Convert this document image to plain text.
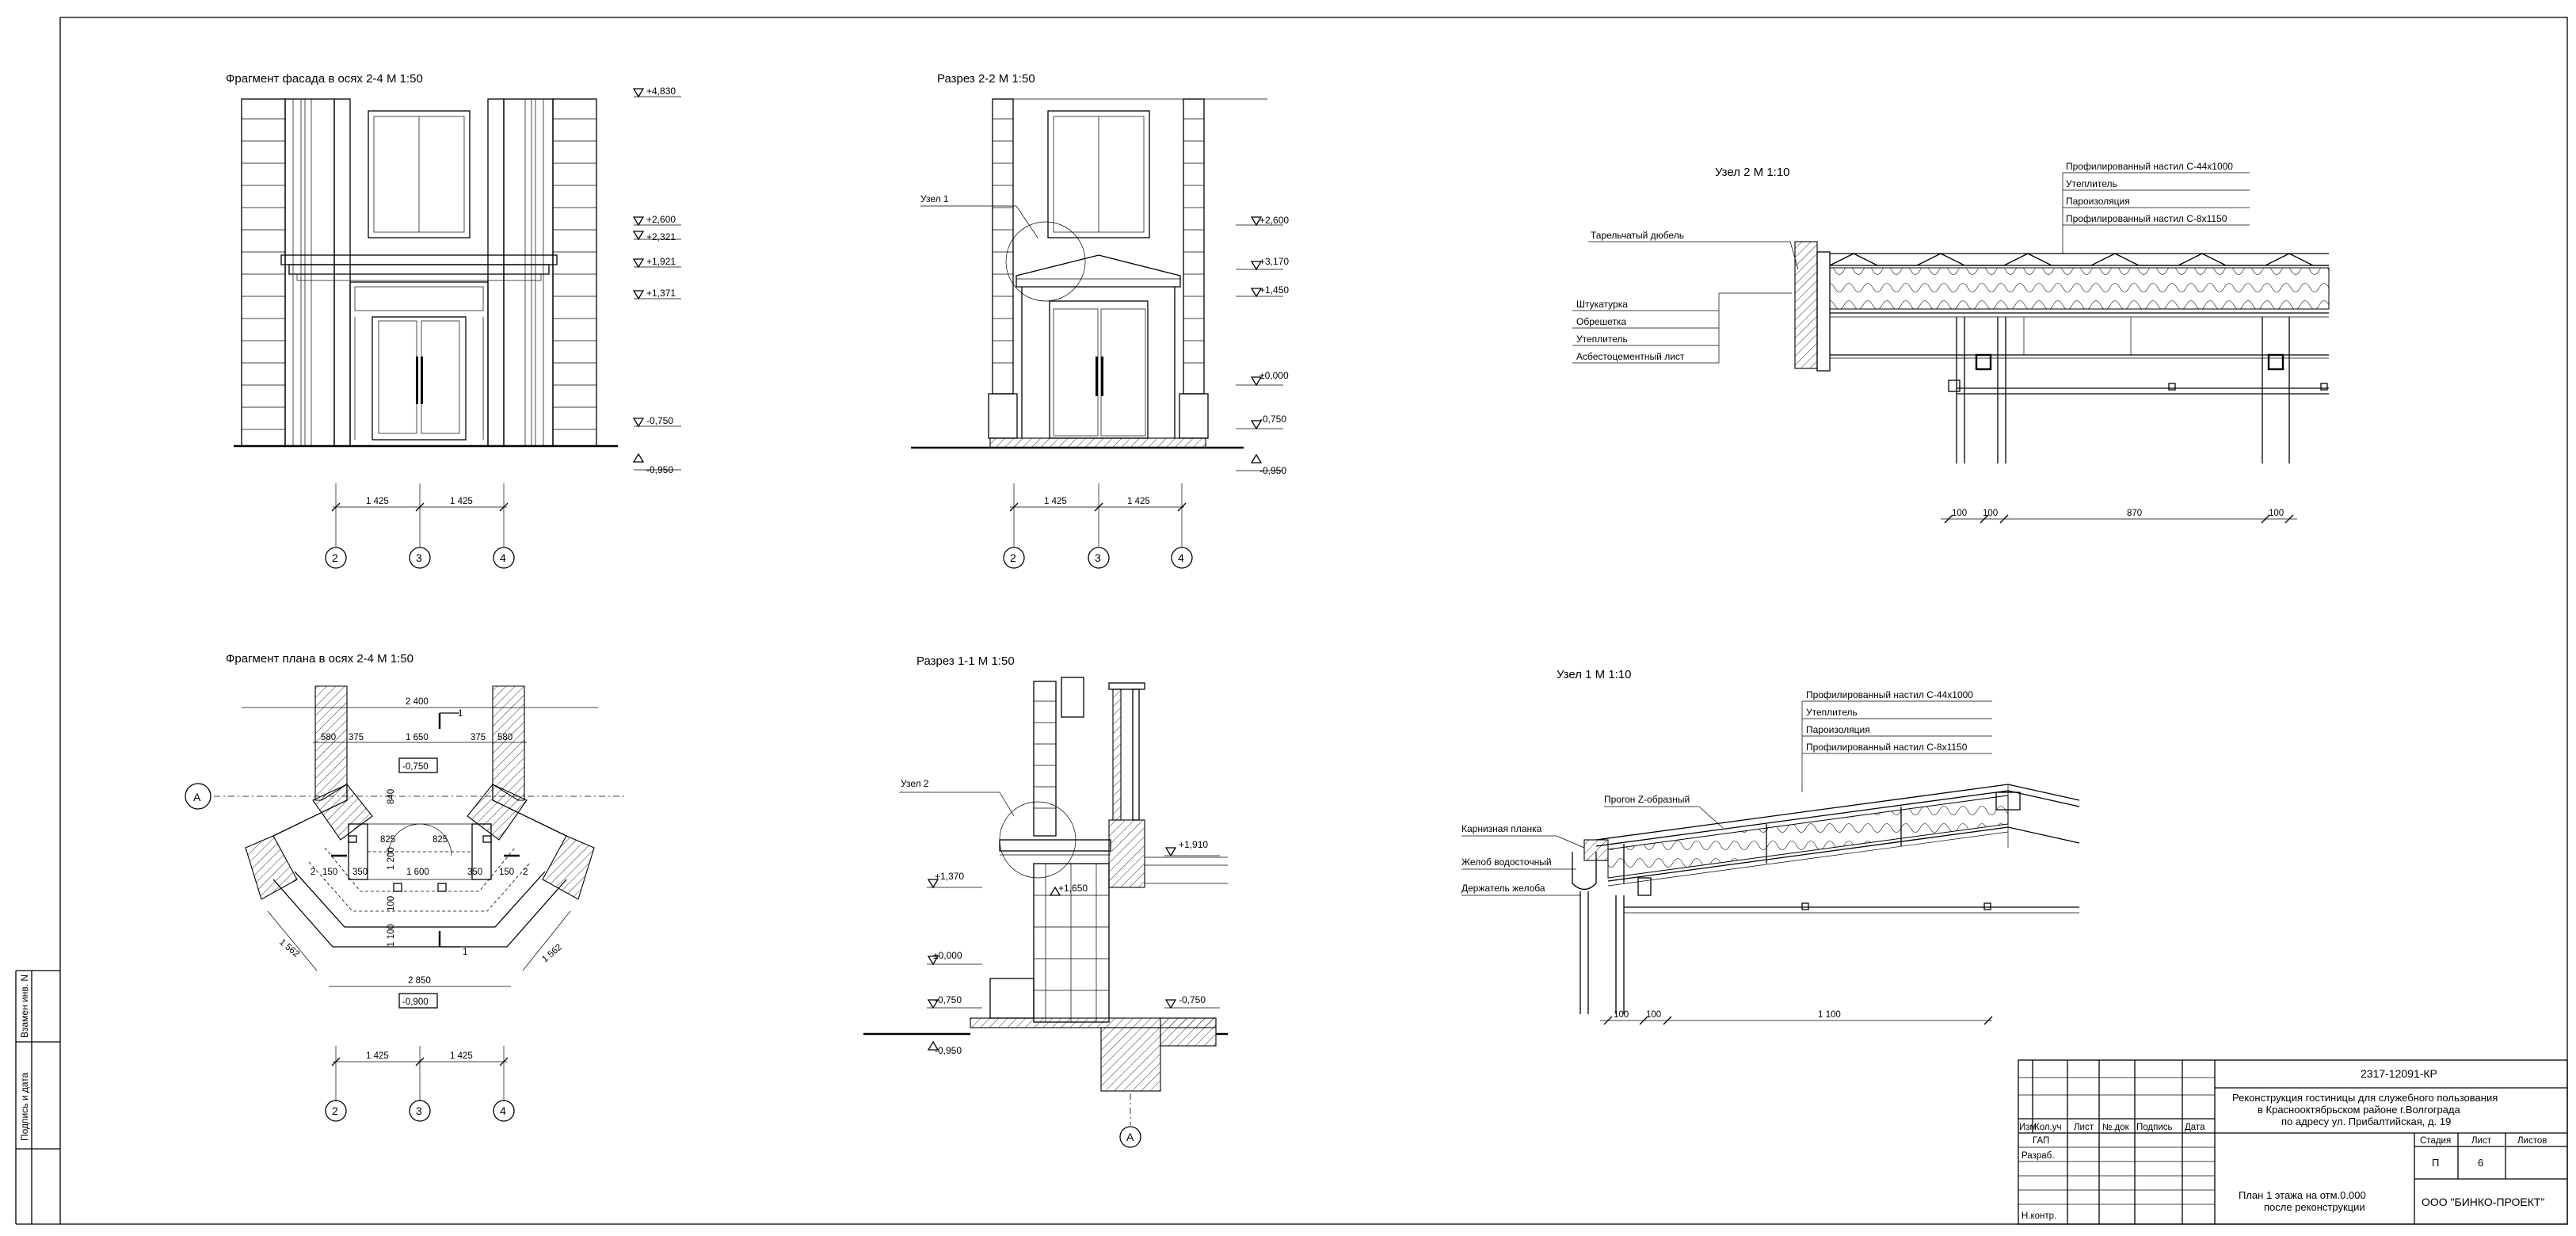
Взамен инв. N
Подпись и дата
Фрагмент фасада в осях 2-4 М 1:50
+4,830
+2,600
+2,321
+1,921
+1,371
-0,750
-0,950
1 425	1 425
2	3	4
Разрез 2-2 М 1:50
Узел 1
+2,600
+3,170
+1,450
±0,000
-0,750
-0,950
1 425	1 425
2	3	4
Узел 2 М 1:10	Профилированный настил С-44х1000
Утеплитель
Пароизоляция
Профилированный настил С-8х1150
Тарельчатый дюбель
Штукатурка
Обрешетка
Утеплитель
Асбестоцементный лист
100 100	870	100
Фрагмент плана в осях 2-4 М 1:50
2 400
375	1 650	375
A
-0,750
840
825
825
1 200
1 600
2 150 350	350 150 2
100
1 100
1
1
1 562	1 562
2 850
-0,900
1 425	1 425
2	3	4
Разрез 1-1 М 1:50
Узел 2
+1,910
+1,370
+1,650
±0,000
-0,750	-0,750
-0,950
A
Узел 1 М 1:10
Профилированный настил С-44х1000
Утеплитель
Пароизоляция
Профилированный настил С-8х1150
Прогон Z-образный
Карнизная планка
Желоб водосточный
Держатель желоба
100 100	1 100
Изм
Кол.уч Лист №.док Подпись Дата
ГАП
Разраб.
Н.контр.
2317-12091-КР
Реконструкция гостиницы для служебного пользования
в Краснооктябрьском районе г.Волгограда
по адресу ул. Прибалтийская, д. 19
План 1 этажа на отм.0.000
после реконструкции
Стадия Лист	Листов
П	6
ООО "БИНКО-ПРОЕКТ"
